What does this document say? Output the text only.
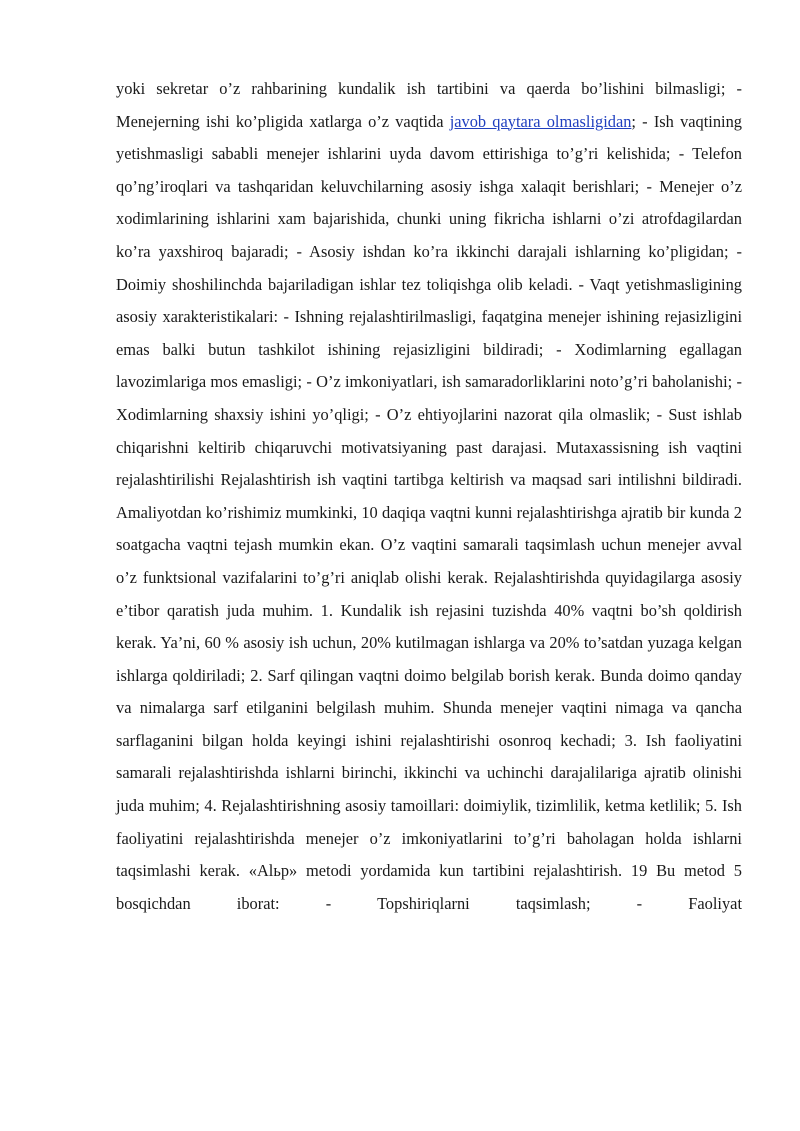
yoki sekretar o’z rahbarining kundalik ish tartibini va qaerda bo’lishini bilmasligi; - Menejerning ishi ko’pligida xatlarga o’z vaqtida javob qaytara olmasligidan; - Ish vaqtining yetishmasligi sababli menejer ishlarini uyda davom ettirishiga to’g’ri kelishida; - Telefon qo’ng’iroqlari va tashqaridan keluvchilarning asosiy ishga xalaqit berishlari; - Menejer o’z xodimlarining ishlarini xam bajarishida, chunki uning fikricha ishlarni o’zi atrofdagilardan ko’ra yaxshiroq bajaradi; - Asosiy ishdan ko’ra ikkinchi darajali ishlarning ko’pligidan; - Doimiy shoshilinchda bajariladigan ishlar tez toliqishga olib keladi. - Vaqt yetishmasligining asosiy xarakteristikalari: - Ishning rejalashtirilmasligi, faqatgina menejer ishining rejasizligini emas balki butun tashkilot ishining rejasizligini bildiradi; - Xodimlarning egallagan lavozimlariga mos emasligi; - O’z imkoniyatlari, ish samaradorliklarini noto’g’ri baholanishi; - Xodimlarning shaxsiy ishini yo’qligi; - O’z ehtiyojlarini nazorat qila olmaslik; - Sust ishlab chiqarishni keltirib chiqaruvchi motivatsiyaning past darajasi. Mutaxassisning ish vaqtini rejalashtirilishi Rejalashtirish ish vaqtini tartibga keltirish va maqsad sari intilishni bildiradi. Amaliyotdan ko’rishimiz mumkinki, 10 daqiqa vaqtni kunni rejalashtirishga ajratib bir kunda 2 soatgacha vaqtni tejash mumkin ekan. O’z vaqtini samarali taqsimlash uchun menejer avval o’z funktsional vazifalarini to’g’ri aniqlab olishi kerak. Rejalashtirishda quyidagilarga asosiy e’tibor qaratish juda muhim. 1. Kundalik ish rejasini tuzishda 40% vaqtni bo’sh qoldirish kerak. Ya’ni, 60 % asosiy ish uchun, 20% kutilmagan ishlarga va 20% to’satdan yuzaga kelgan ishlarga qoldiriladi; 2. Sarf qilingan vaqtni doimo belgilab borish kerak. Bunda doimo qanday va nimalarga sarf etilganini belgilash muhim. Shunda menejer vaqtini nimaga va qancha sarflaganini bilgan holda keyingi ishini rejalashtirishi osonroq kechadi; 3. Ish faoliyatini samarali rejalashtirishda ishlarni birinchi, ikkinchi va uchinchi darajalilariga ajratib olinishi juda muhim; 4. Rejalashtirishning asosiy tamoillari: doimiylik, tizimlilik, ketma ketlilik; 5. Ish faoliyatini rejalashtirishda menejer o’z imkoniyatlarini to’g’ri baholagan holda ishlarni taqsimlashi kerak. «Alьp» metodi yordamida kun tartibini rejalashtirish. 19 Bu metod 5 bosqichdan iborat: - Topshiriqlarni taqsimlash; - Faoliyat
